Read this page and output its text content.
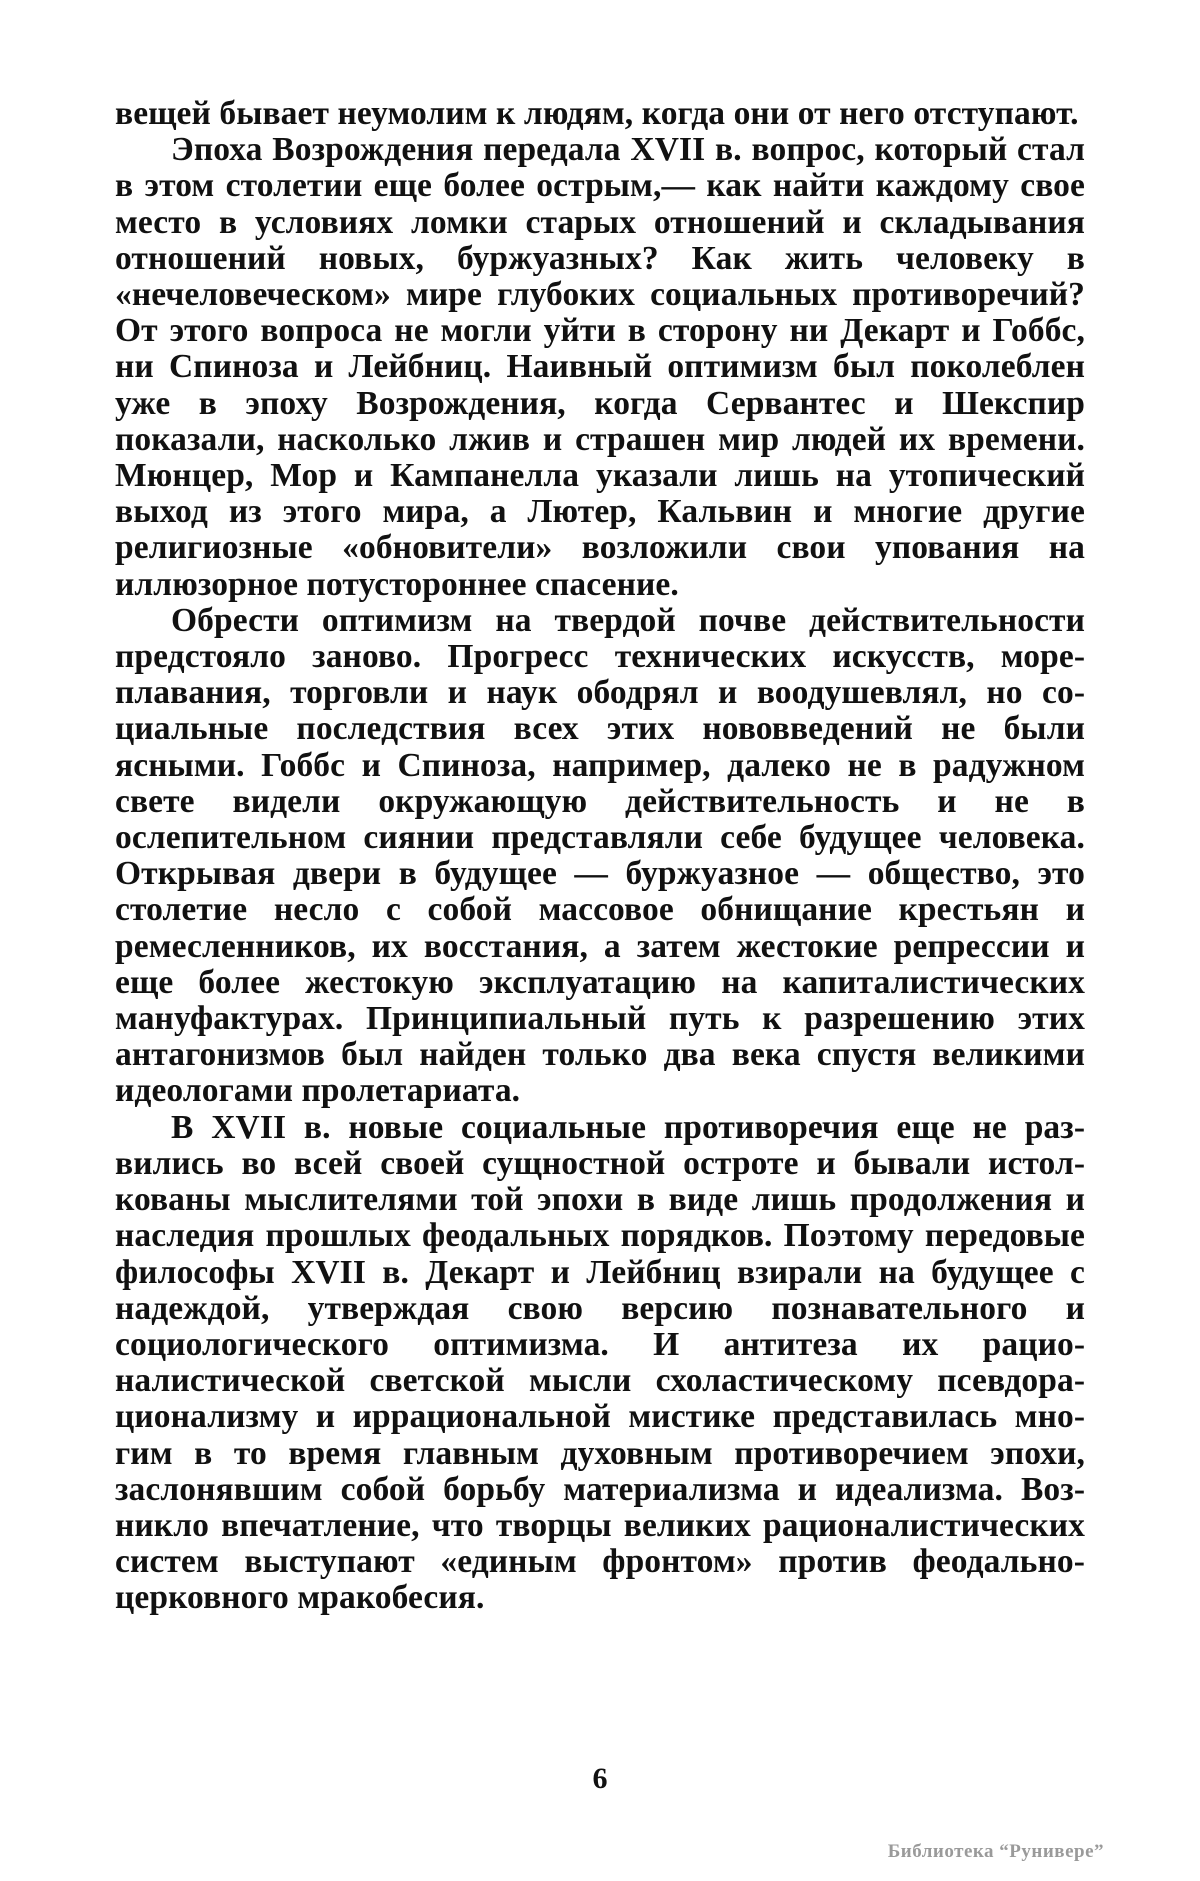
вещей бывает неумолим к людям, когда они от него отступают.

Эпоха Возрождения передала XVII в. вопрос, который стал в этом столетии еще более острым,— как найти каждому свое место в условиях ломки старых отношений и складывания отношений новых, буржуазных? Как жить человеку в «нечеловеческом» мире глубоких социальных противоречий? От этого вопроса не могли уйти в сторону ни Декарт и Гоббс, ни Спиноза и Лейбниц. Наивный оптимизм был поколеблен уже в эпоху Возрождения, когда Сервантес и Шекспир показали, насколько лжив и страшен мир людей их времени. Мюнцер, Мор и Кампанелла указали лишь на утопический выход из этого мира, а Лютер, Кальвин и многие другие религиозные «обновители» возложили свои упования на иллюзорное потустороннее спасение.

Обрести оптимизм на твердой почве действительности предстояло заново. Прогресс технических искусств, мореплавания, торговли и наук ободрял и воодушевлял, но социальные последствия всех этих нововведений не были ясными. Гоббс и Спиноза, например, далеко не в радужном свете видели окружающую действительность и не в ослепительном сиянии представляли себе будущее человека. Открывая двери в будущее — буржуазное — общество, это столетие несло с собой массовое обнищание крестьян и ремесленников, их восстания, а затем жестокие репрессии и еще более жестокую эксплуатацию на капиталистических мануфактурах. Принципиальный путь к разрешению этих антагонизмов был найден только два века спустя великими идеологами пролетариата.

В XVII в. новые социальные противоречия еще не развились во всей своей сущностной остроте и бывали истолкованы мыслителями той эпохи в виде лишь продолжения и наследия прошлых феодальных порядков. Поэтому передовые философы XVII в. Декарт и Лейбниц взирали на будущее с надеждой, утверждая свою версию познавательного и социологического оптимизма. И антитеза их рационалистической светской мысли схоластическому псевдорационализму и иррациональной мистике представилась многим в то время главным духовным противоречием эпохи, заслонявшим собой борьбу материализма и идеализма. Возникло впечатление, что творцы великих рационалистических систем выступают «единым фронтом» против феодально-церковного мракобесия.

6
Библиотека “Рунивере”
